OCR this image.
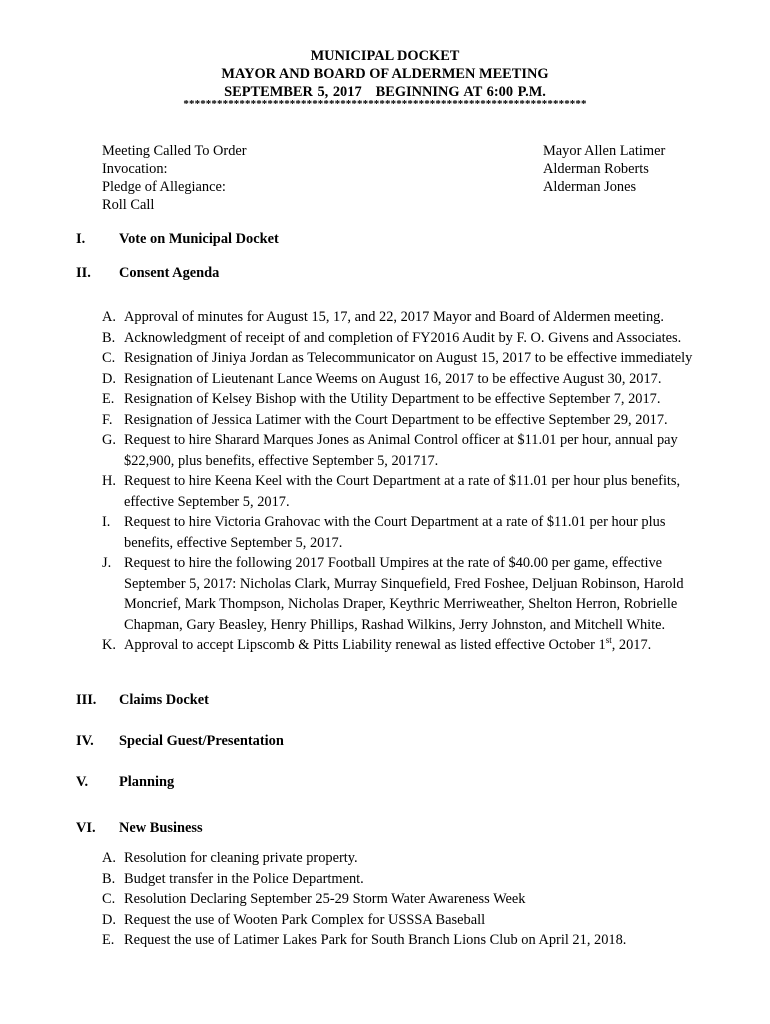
MUNICIPAL DOCKET
MAYOR AND BOARD OF ALDERMEN MEETING
SEPTEMBER 5, 2017 BEGINNING AT 6:00 P.M.
************************************************************************
Meeting Called To Order
Invocation:
Pledge of Allegiance:
Roll Call
Mayor Allen Latimer
Alderman Roberts
Alderman Jones
I. Vote on Municipal Docket
II. Consent Agenda
A. Approval of minutes for August 15, 17, and 22, 2017 Mayor and Board of Aldermen meeting.
B. Acknowledgment of receipt of and completion of FY2016 Audit by F. O. Givens and Associates.
C. Resignation of Jiniya Jordan as Telecommunicator on August 15, 2017 to be effective immediately
D. Resignation of Lieutenant Lance Weems on August 16, 2017 to be effective August 30, 2017.
E. Resignation of Kelsey Bishop with the Utility Department to be effective September 7, 2017.
F. Resignation of Jessica Latimer with the Court Department to be effective September 29, 2017.
G. Request to hire Sharard Marques Jones as Animal Control officer at $11.01 per hour, annual pay $22,900, plus benefits, effective September 5, 201717.
H. Request to hire Keena Keel with the Court Department at a rate of $11.01 per hour plus benefits, effective September 5, 2017.
I. Request to hire Victoria Grahovac with the Court Department at a rate of $11.01 per hour plus benefits, effective September 5, 2017.
J. Request to hire the following 2017 Football Umpires at the rate of $40.00 per game, effective September 5, 2017: Nicholas Clark, Murray Sinquefield, Fred Foshee, Deljuan Robinson, Harold Moncrief, Mark Thompson, Nicholas Draper, Keythric Merriweather, Shelton Herron, Robrielle Chapman, Gary Beasley, Henry Phillips, Rashad Wilkins, Jerry Johnston, and Mitchell White.
K. Approval to accept Lipscomb & Pitts Liability renewal as listed effective October 1st, 2017.
III. Claims Docket
IV. Special Guest/Presentation
V. Planning
VI. New Business
A. Resolution for cleaning private property.
B. Budget transfer in the Police Department.
C. Resolution Declaring September 25-29 Storm Water Awareness Week
D. Request the use of Wooten Park Complex for USSSA Baseball
E. Request the use of Latimer Lakes Park for South Branch Lions Club on April 21, 2018.
